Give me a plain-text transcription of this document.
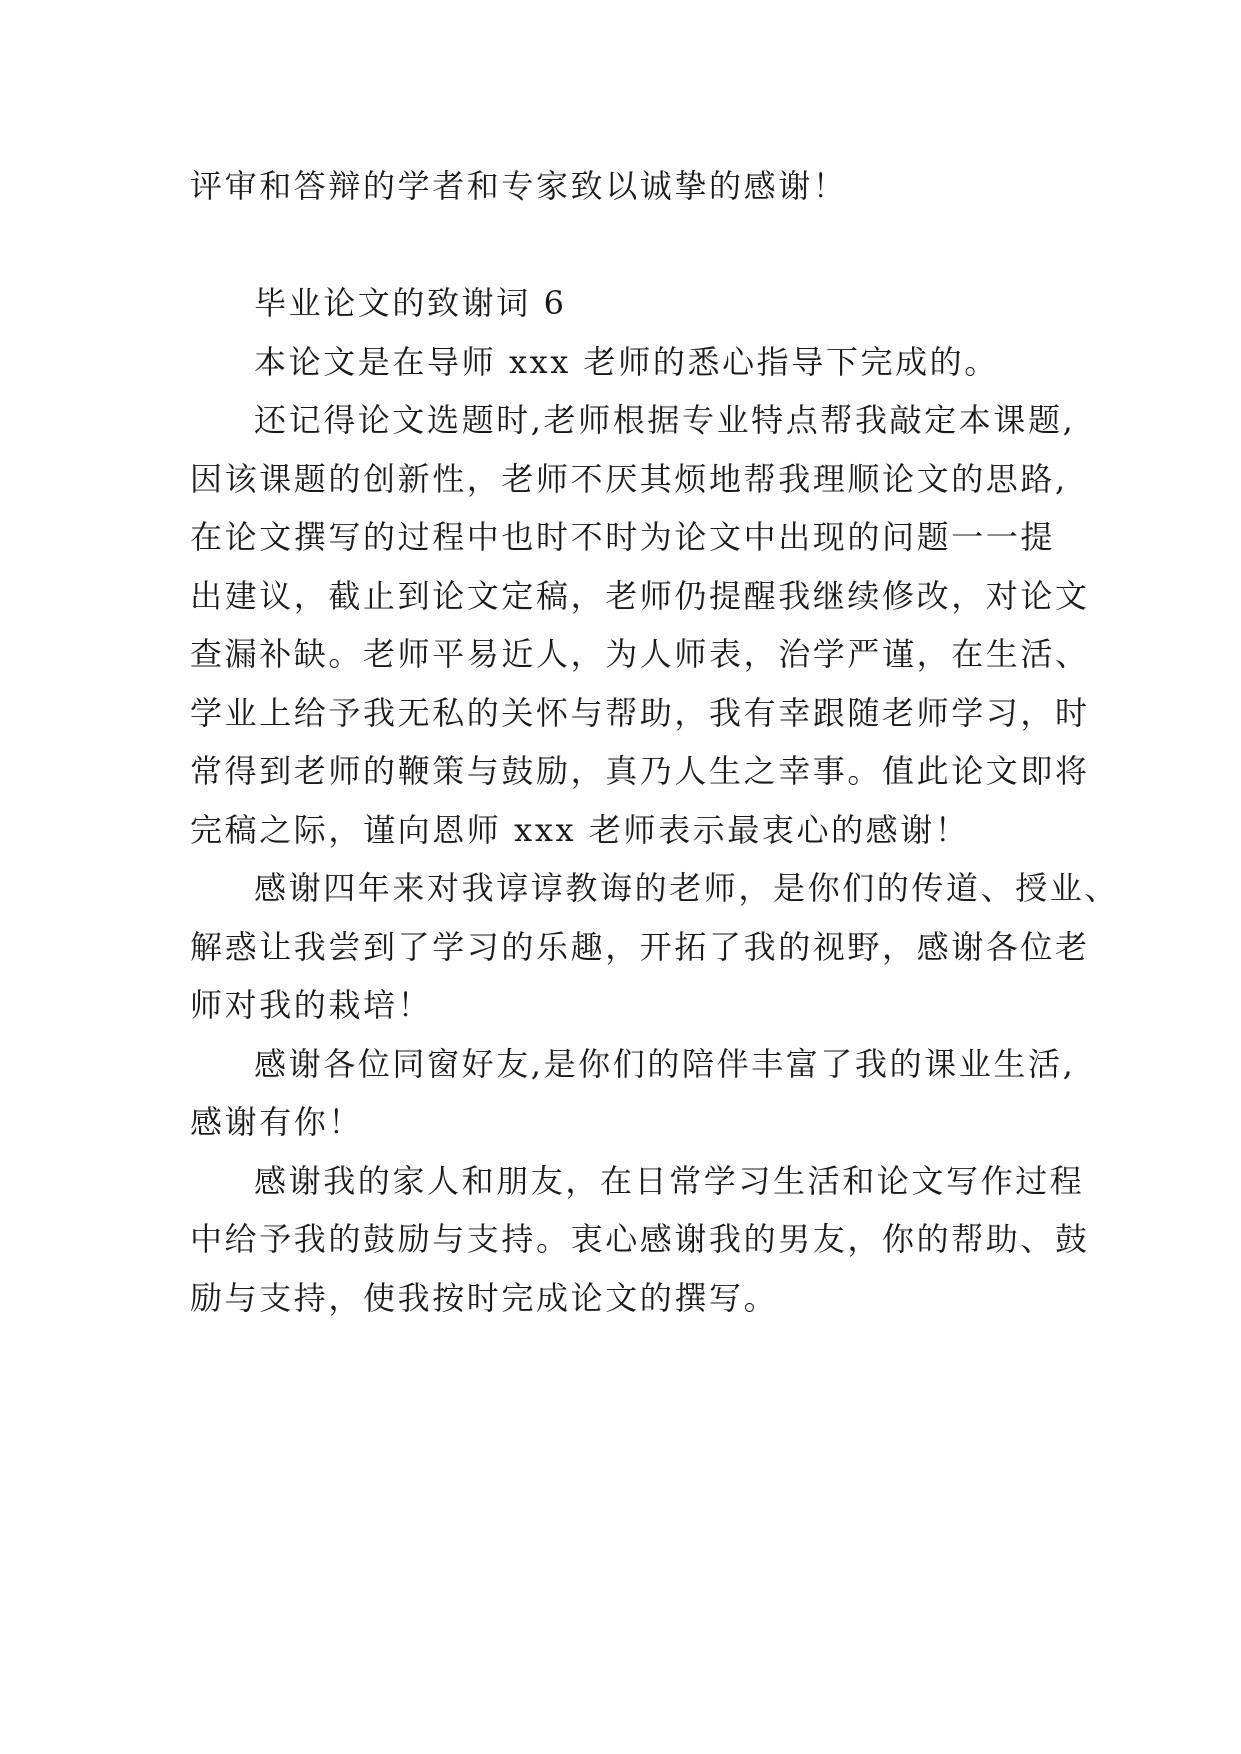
评审和答辩的学者和专家致以诚挚的感谢！
毕业论文的致谢词 6
本论文是在导师 xxx 老师的悉心指导下完成的。
还记得论文选题时,老师根据专业特点帮我敲定本课题,
因该课题的创新性，老师不厌其烦地帮我理顺论文的思路,
在论文撰写的过程中也时不时为论文中出现的问题一一提
出建议，截止到论文定稿，老师仍提醒我继续修改，对论文
查漏补缺。老师平易近人，为人师表，治学严谨，在生活、
学业上给予我无私的关怀与帮助，我有幸跟随老师学习，时
常得到老师的鞭策与鼓励，真乃人生之幸事。值此论文即将
完稿之际，谨向恩师 xxx 老师表示最衷心的感谢！
感谢四年来对我谆谆教诲的老师，是你们的传道、授业、
解惑让我尝到了学习的乐趣，开拓了我的视野，感谢各位老
师对我的栽培！
感谢各位同窗好友,是你们的陪伴丰富了我的课业生活,
感谢有你！
感谢我的家人和朋友，在日常学习生活和论文写作过程
中给予我的鼓励与支持。衷心感谢我的男友，你的帮助、鼓
励与支持，使我按时完成论文的撰写。
